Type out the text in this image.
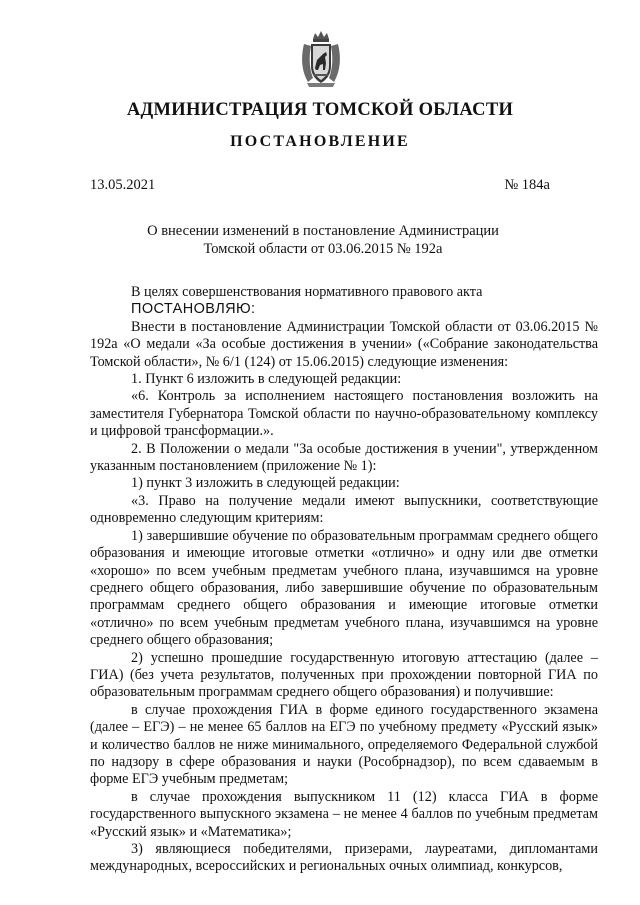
АДМИНИСТРАЦИЯ ТОМСКОЙ ОБЛАСТИ
ПОСТАНОВЛЕНИЕ
13.05.2021	№ 184а
О внесении изменений в постановление Администрации Томской области от 03.06.2015 № 192а

В целях совершенствования нормативного правового акта

ПОСТАНОВЛЯЮ:

Внести в постановление Администрации Томской области от 03.06.2015 № 192а «О медали «За особые достижения в учении» («Собрание законодательства Томской области», № 6/1 (124) от 15.06.2015) следующие изменения:

1. Пункт 6 изложить в следующей редакции:

«6. Контроль за исполнением настоящего постановления возложить на заместителя Губернатора Томской области по научно-образовательному комплексу и цифровой трансформации.».

2. В Положении о медали "За особые достижения в учении", утвержденном указанным постановлением (приложение № 1):

1) пункт 3 изложить в следующей редакции:

«3. Право на получение медали имеют выпускники, соответствующие одновременно следующим критериям:

1) завершившие обучение по образовательным программам среднего общего образования и имеющие итоговые отметки «отлично» и одну или две отметки «хорошо» по всем учебным предметам учебного плана, изучавшимся на уровне среднего общего образования, либо завершившие обучение по образовательным программам среднего общего образования и имеющие итоговые отметки «отлично» по всем учебным предметам учебного плана, изучавшимся на уровне среднего общего образования;

2) успешно прошедшие государственную итоговую аттестацию (далее – ГИА) (без учета результатов, полученных при прохождении повторной ГИА по образовательным программам среднего общего образования) и получившие:

в случае прохождения ГИА в форме единого государственного экзамена (далее – ЕГЭ) – не менее 65 баллов на ЕГЭ по учебному предмету «Русский язык» и количество баллов не ниже минимального, определяемого Федеральной службой по надзору в сфере образования и науки (Рособрнадзор), по всем сдаваемым в форме ЕГЭ учебным предметам;

в случае прохождения выпускником 11 (12) класса ГИА в форме государственного выпускного экзамена – не менее 4 баллов по учебным предметам «Русский язык» и «Математика»;

3) являющиеся победителями, призерами, лауреатами, дипломантами международных, всероссийских и региональных очных олимпиад, конкурсов,
